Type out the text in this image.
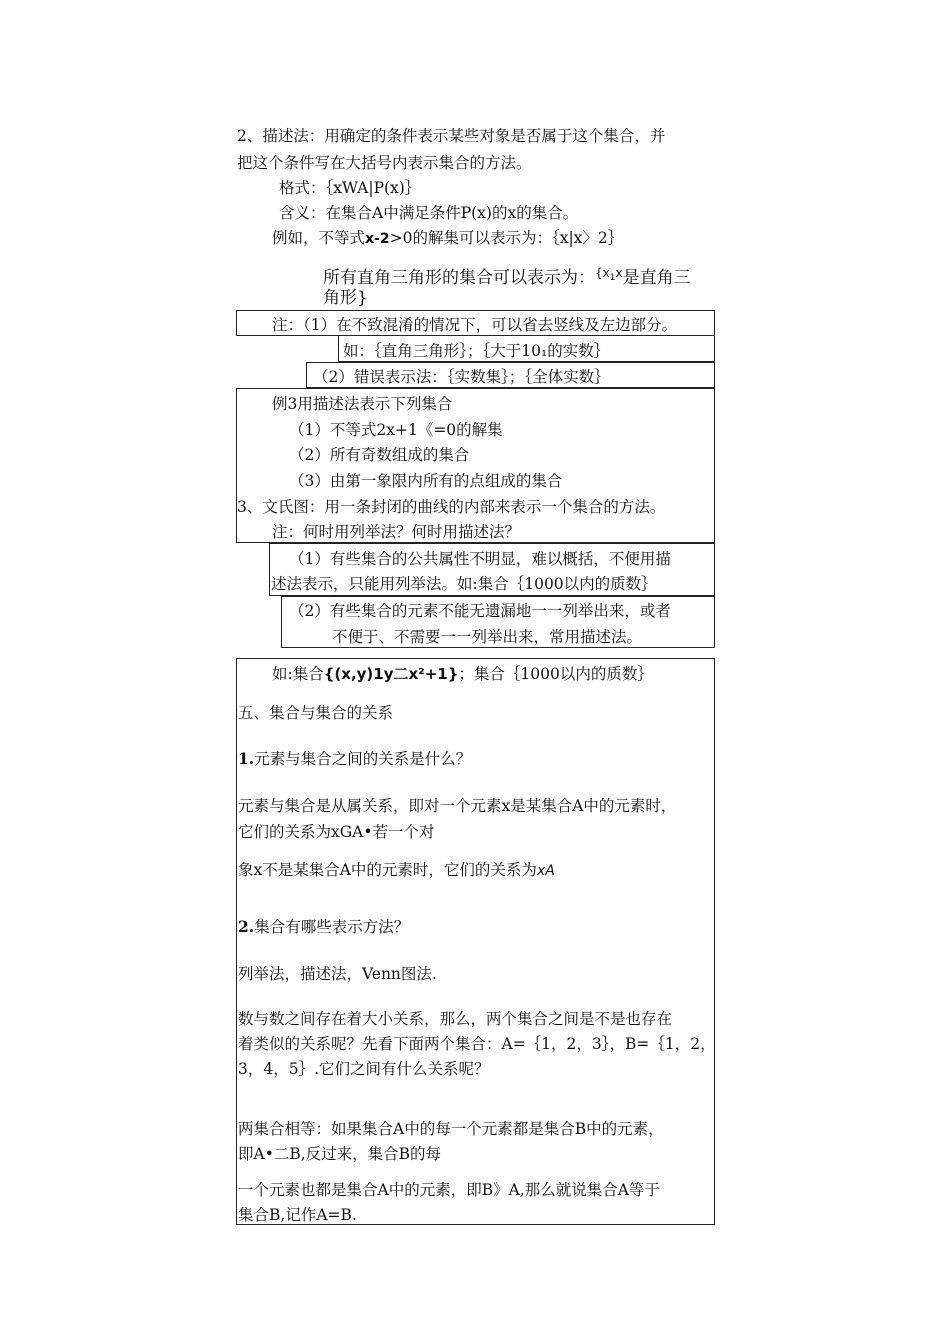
2、描述法：用确定的条件表示某些对象是否属于这个集合，并
把这个条件写在大括号内表示集合的方法。
格式：｛xWA|P(x)｝
含义：在集合A中满足条件P(x)的x的集合。
例如，不等式x-2>0的解集可以表示为：｛x|x〉2｝
所有直角三角形的集合可以表示为：$^{\{x}$1$^x$是直角三
角形}
注：（1）在不致混淆的情况下，可以省去竖线及左边部分。
如：｛直角三角形｝；｛大于10₁的实数｝
（2）错误表示法：｛实数集｝；｛全体实数｝
例3用描述法表示下列集合
（1）不等式2x+1《=0的解集
（2）所有奇数组成的集合
（3）由第一象限内所有的点组成的集合
3、文氏图：用一条封闭的曲线的内部来表示一个集合的方法。
注：何时用列举法？何时用描述法？
（1）有些集合的公共属性不明显，难以概括，不便用描
述法表示，只能用列举法。如:集合｛1000以内的质数｝
（2）有些集合的元素不能无遗漏地一一列举出来，或者
不便于、不需要一一列举出来，常用描述法。
如:集合{(x,y)1y二x²+1}；集合｛1000以内的质数｝
五、集合与集合的关系
1.元素与集合之间的关系是什么？
元素与集合是从属关系，即对一个元素x是某集合A中的元素时，
它们的关系为xGA•若一个对
象x不是某集合A中的元素时，它们的关系为xA
2.集合有哪些表示方法？
列举法，描述法，Venn图法.
数与数之间存在着大小关系，那么，两个集合之间是不是也存在
着类似的关系呢？先看下面两个集合：A=｛1，2，3｝，B=｛1，2，
3，4，5｝.它们之间有什么关系呢？
两集合相等：如果集合A中的每一个元素都是集合B中的元素，
即A•二B,反过来，集合B的每
一个元素也都是集合A中的元素，即B》A,那么就说集合A等于
集合B,记作A=B.
